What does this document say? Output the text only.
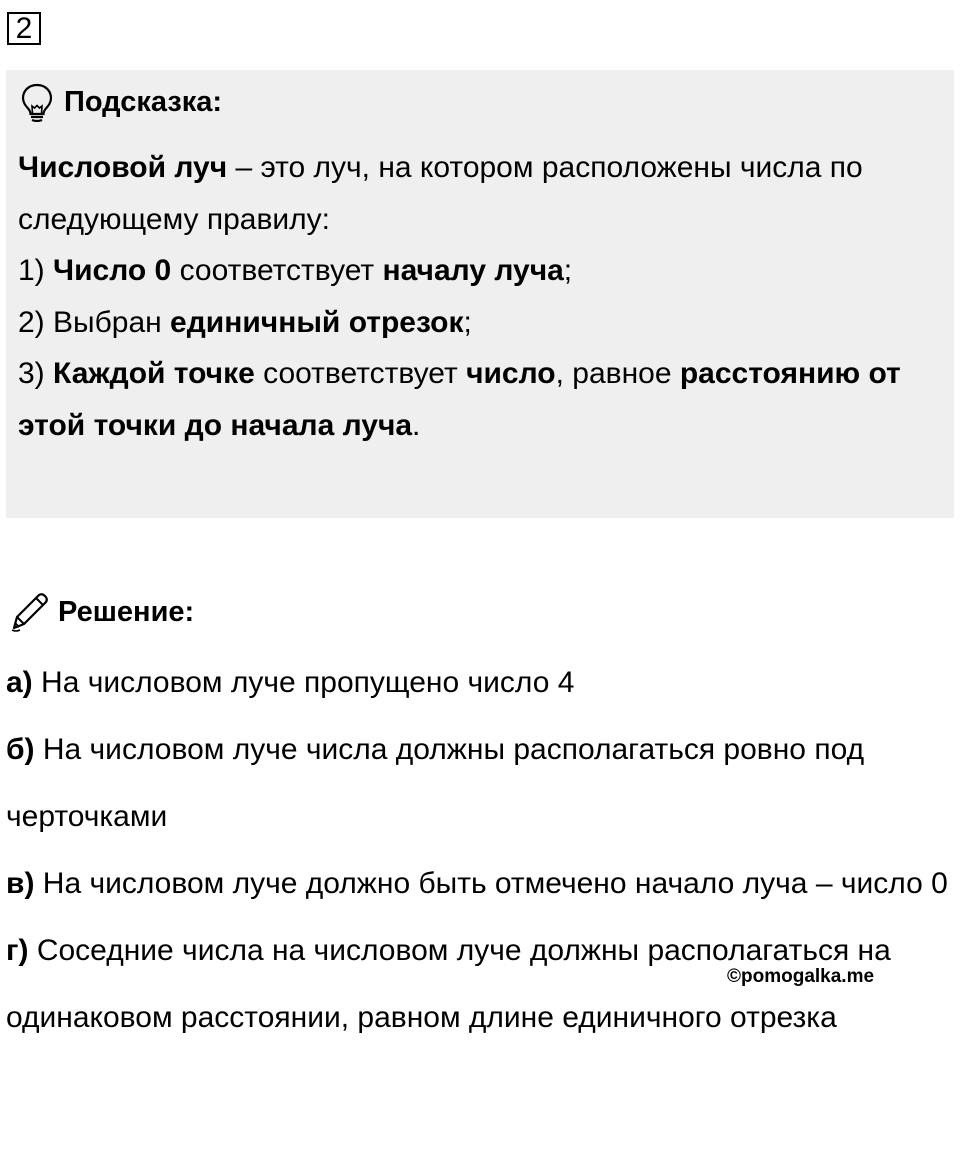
2
Подсказка:

Числовой луч – это луч, на котором расположены числа по следующему правилу:

1) Число 0 соответствует началу луча;

2) Выбран единичный отрезок;

3) Каждой точке соответствует число, равное расстоянию от этой точки до начала луча.

Решение:

а) На числовом луче пропущено число 4

б) На числовом луче числа должны располагаться ровно под черточками

в) На числовом луче должно быть отмечено начало луча – число 0

г) Соседние числа на числовом луче должны располагаться на одинаковом расстоянии, равном длине единичного отрезка

©pomogalka.me
